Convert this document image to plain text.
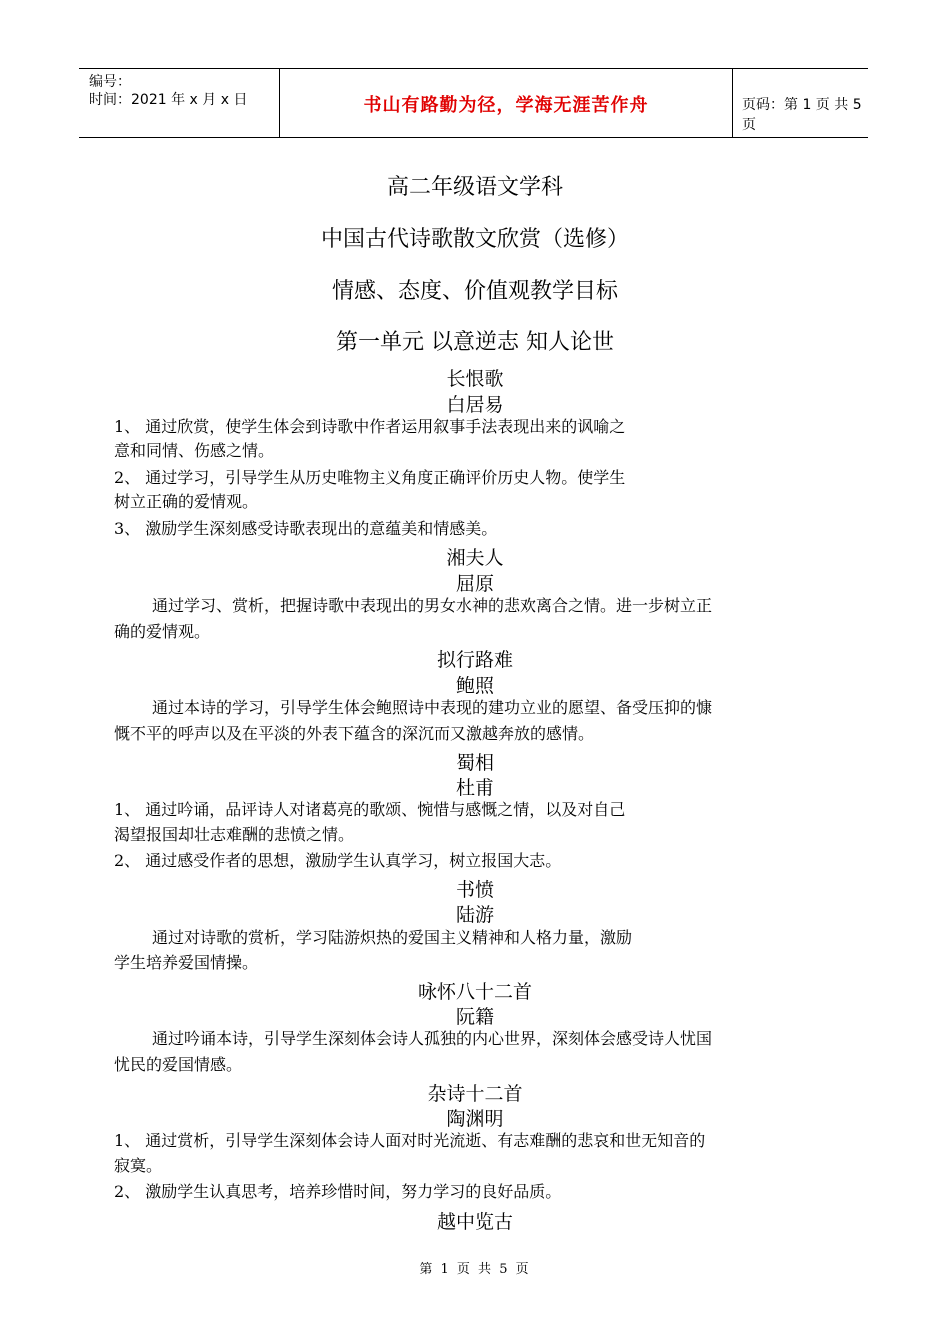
编号：
时间：2021 年 x 月 x 日	书山有路勤为径，学海无涯苦作舟	页码：第 1 页 共 5 页
高二年级语文学科
中国古代诗歌散文欣赏（选修）
情感、态度、价值观教学目标
第一单元 以意逆志 知人论世
长恨歌
白居易
1、 通过欣赏，使学生体会到诗歌中作者运用叙事手法表现出来的讽喻之
意和同情、伤感之情。
2、 通过学习，引导学生从历史唯物主义角度正确评价历史人物。使学生
树立正确的爱情观。
3、 激励学生深刻感受诗歌表现出的意蕴美和情感美。
湘夫人
屈原
通过学习、赏析，把握诗歌中表现出的男女水神的悲欢离合之情。进一步树立正
确的爱情观。
拟行路难
鲍照
通过本诗的学习，引导学生体会鲍照诗中表现的建功立业的愿望、备受压抑的慷
慨不平的呼声以及在平淡的外表下蕴含的深沉而又激越奔放的感情。
蜀相
杜甫
1、 通过吟诵，品评诗人对诸葛亮的歌颂、惋惜与感慨之情，以及对自己
渴望报国却壮志难酬的悲愤之情。
2、 通过感受作者的思想，激励学生认真学习，树立报国大志。
书愤
陆游
通过对诗歌的赏析，学习陆游炽热的爱国主义精神和人格力量，激励
学生培养爱国情操。
咏怀八十二首
阮籍
通过吟诵本诗，引导学生深刻体会诗人孤独的内心世界，深刻体会感受诗人忧国
忧民的爱国情感。
杂诗十二首
陶渊明
1、 通过赏析，引导学生深刻体会诗人面对时光流逝、有志难酬的悲哀和世无知音的
寂寞。
2、 激励学生认真思考，培养珍惜时间，努力学习的良好品质。
越中览古
第 1 页 共 5 页
